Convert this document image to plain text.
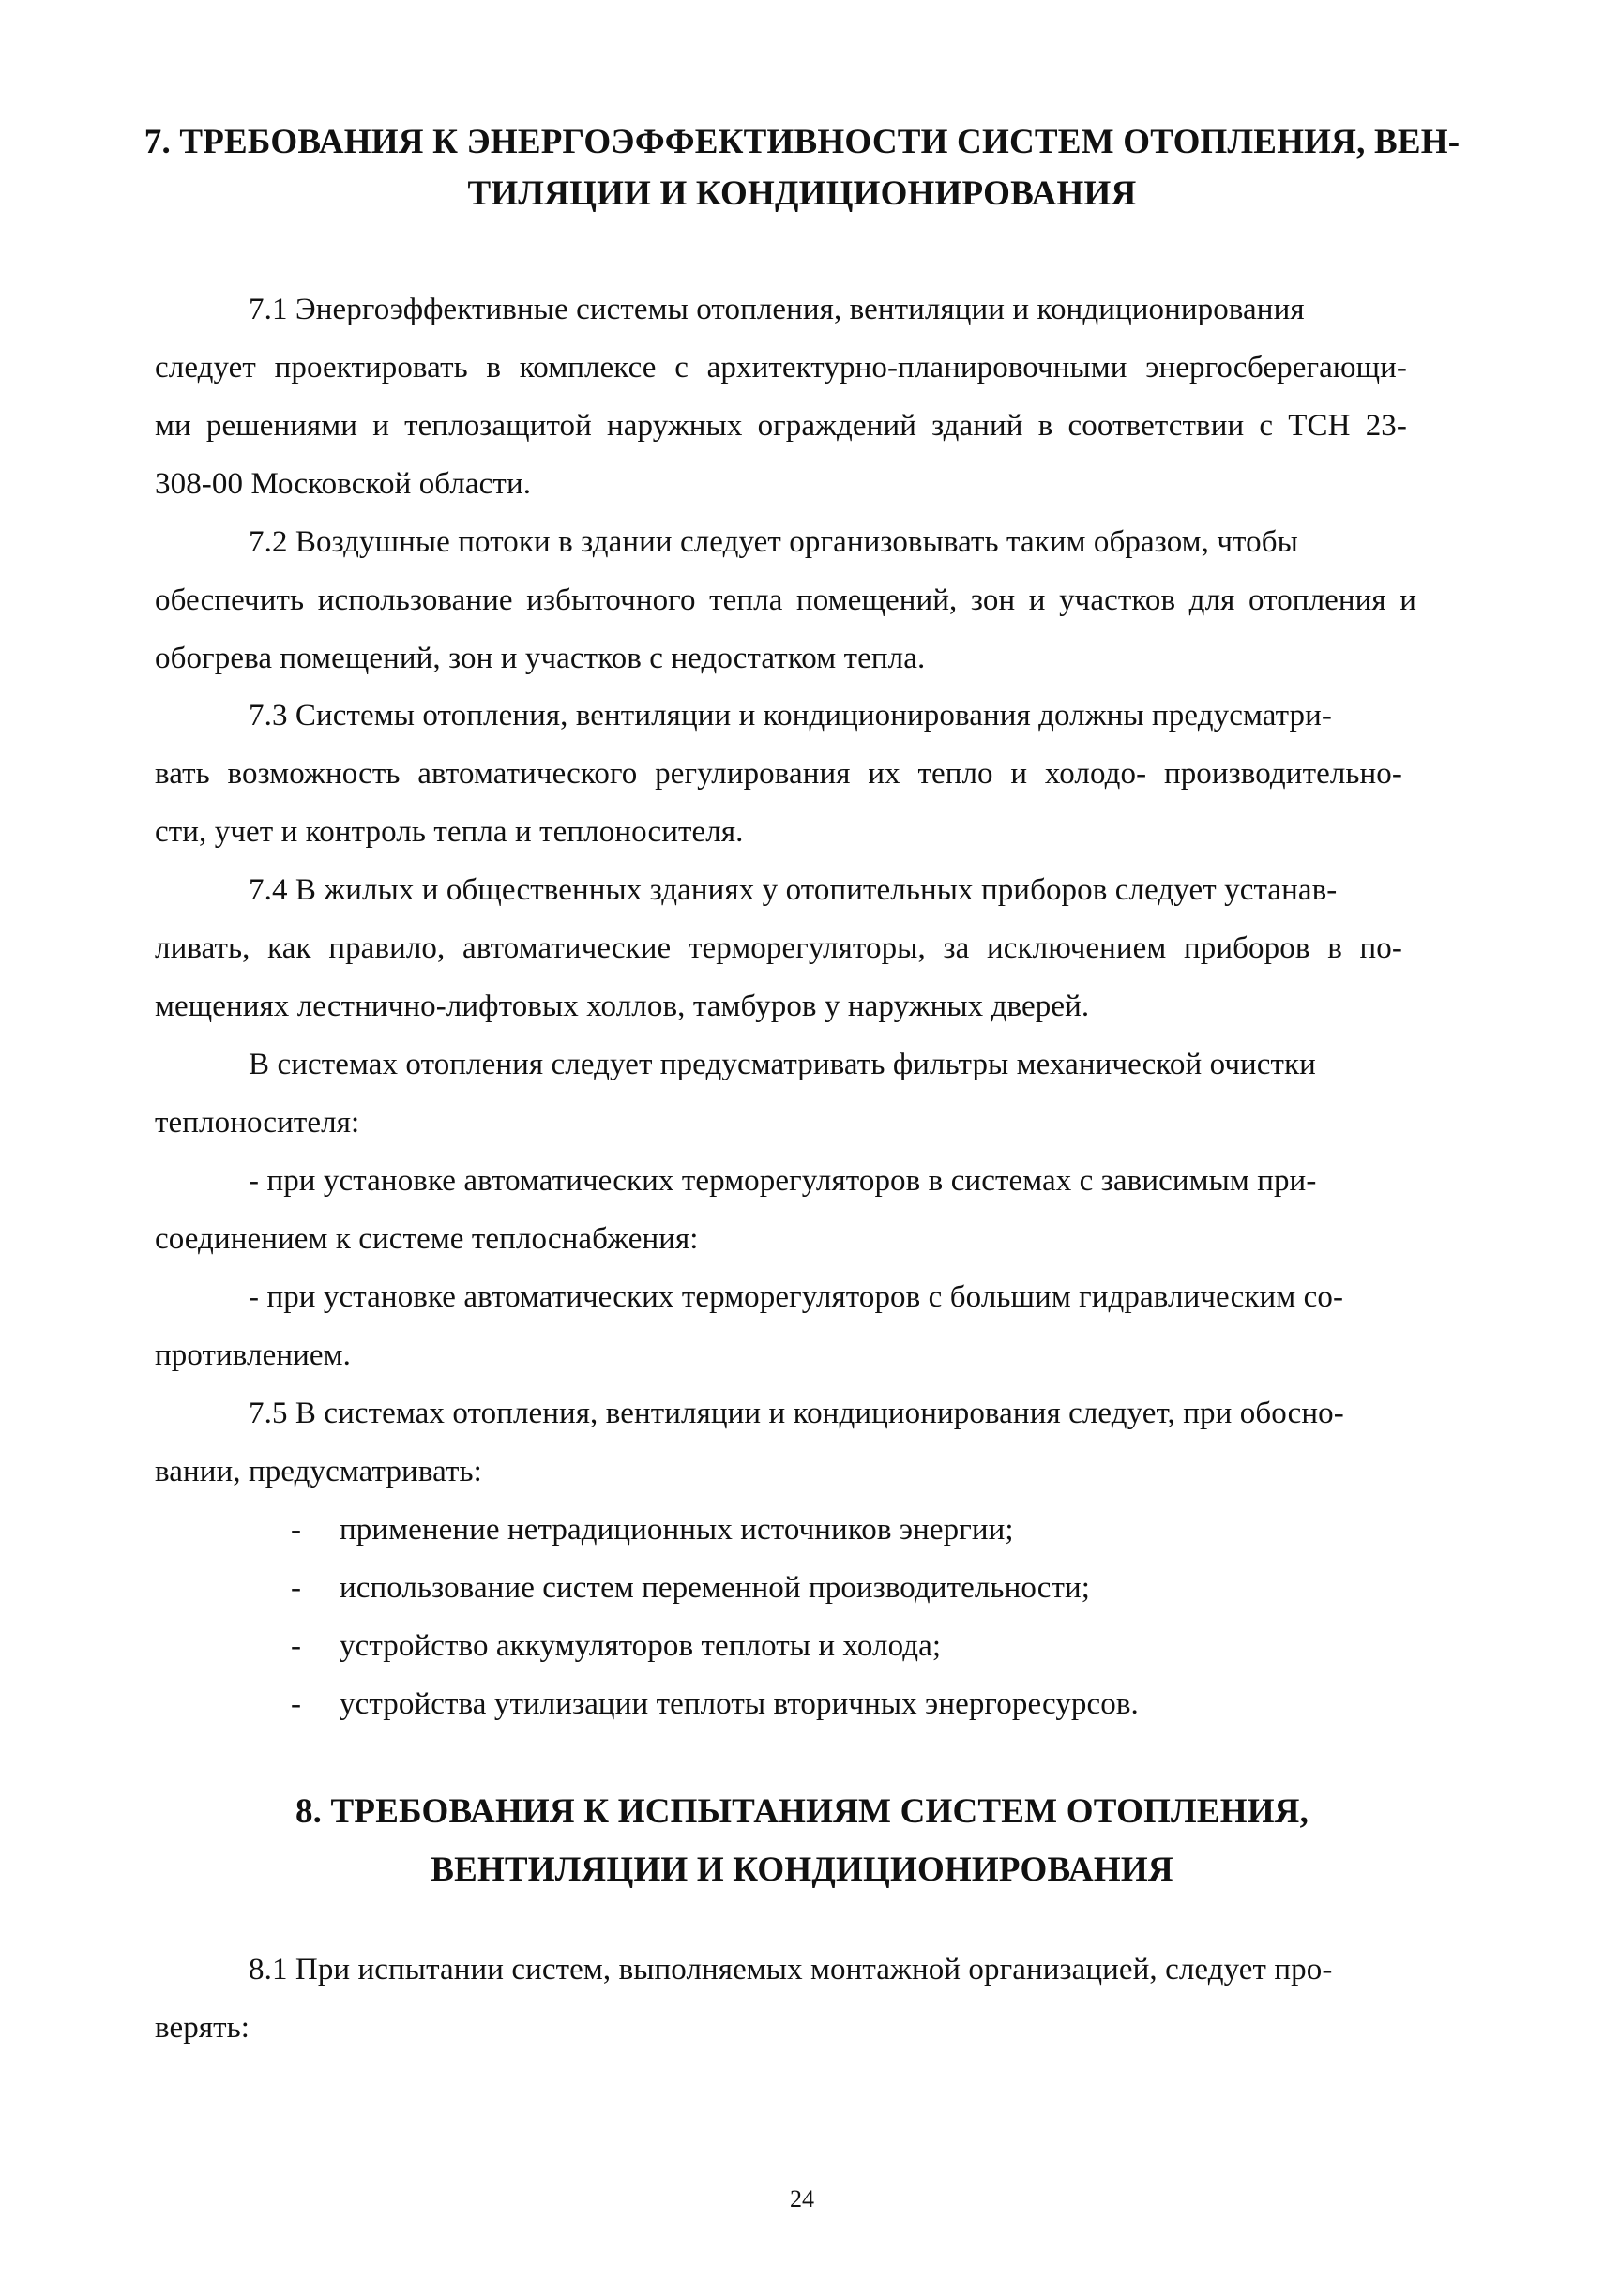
7. ТРЕБОВАНИЯ К ЭНЕРГОЭФФЕКТИВНОСТИ СИСТЕМ ОТОПЛЕНИЯ, ВЕН-
ТИЛЯЦИИ И КОНДИЦИОНИРОВАНИЯ
7.1 Энергоэффективные системы отопления, вентиляции и кондиционирования
следует проектировать в комплексе с архитектурно-планировочными энергосберегающи-
ми решениями и теплозащитой наружных ограждений зданий в соответствии с ТСН 23-
308-00 Московской области.
7.2 Воздушные потоки в здании следует организовывать таким образом, чтобы
обеспечить использование избыточного тепла помещений, зон и участков для отопления и
обогрева помещений, зон и участков с недостатком тепла.
7.3 Системы отопления, вентиляции и кондиционирования должны предусматри-
вать возможность автоматического регулирования их тепло и холодо- производительно-
сти, учет и контроль тепла и теплоносителя.
7.4 В жилых и общественных зданиях у отопительных приборов следует устанав-
ливать, как правило, автоматические терморегуляторы, за исключением приборов в по-
мещениях лестнично-лифтовых холлов, тамбуров у наружных дверей.
В системах отопления следует предусматривать фильтры механической очистки
теплоносителя:
- при установке автоматических терморегуляторов в системах с зависимым при-
соединением к системе теплоснабжения:
- при установке автоматических терморегуляторов с большим гидравлическим со-
противлением.
7.5 В системах отопления, вентиляции и кондиционирования следует, при обосно-
вании, предусматривать:
- применение нетрадиционных источников энергии;
- использование систем переменной производительности;
- устройство аккумуляторов теплоты и холода;
- устройства утилизации теплоты вторичных энергоресурсов.
8. ТРЕБОВАНИЯ К ИСПЫТАНИЯМ СИСТЕМ ОТОПЛЕНИЯ,
ВЕНТИЛЯЦИИ И КОНДИЦИОНИРОВАНИЯ
8.1 При испытании систем, выполняемых монтажной организацией, следует про-
верять:
24
